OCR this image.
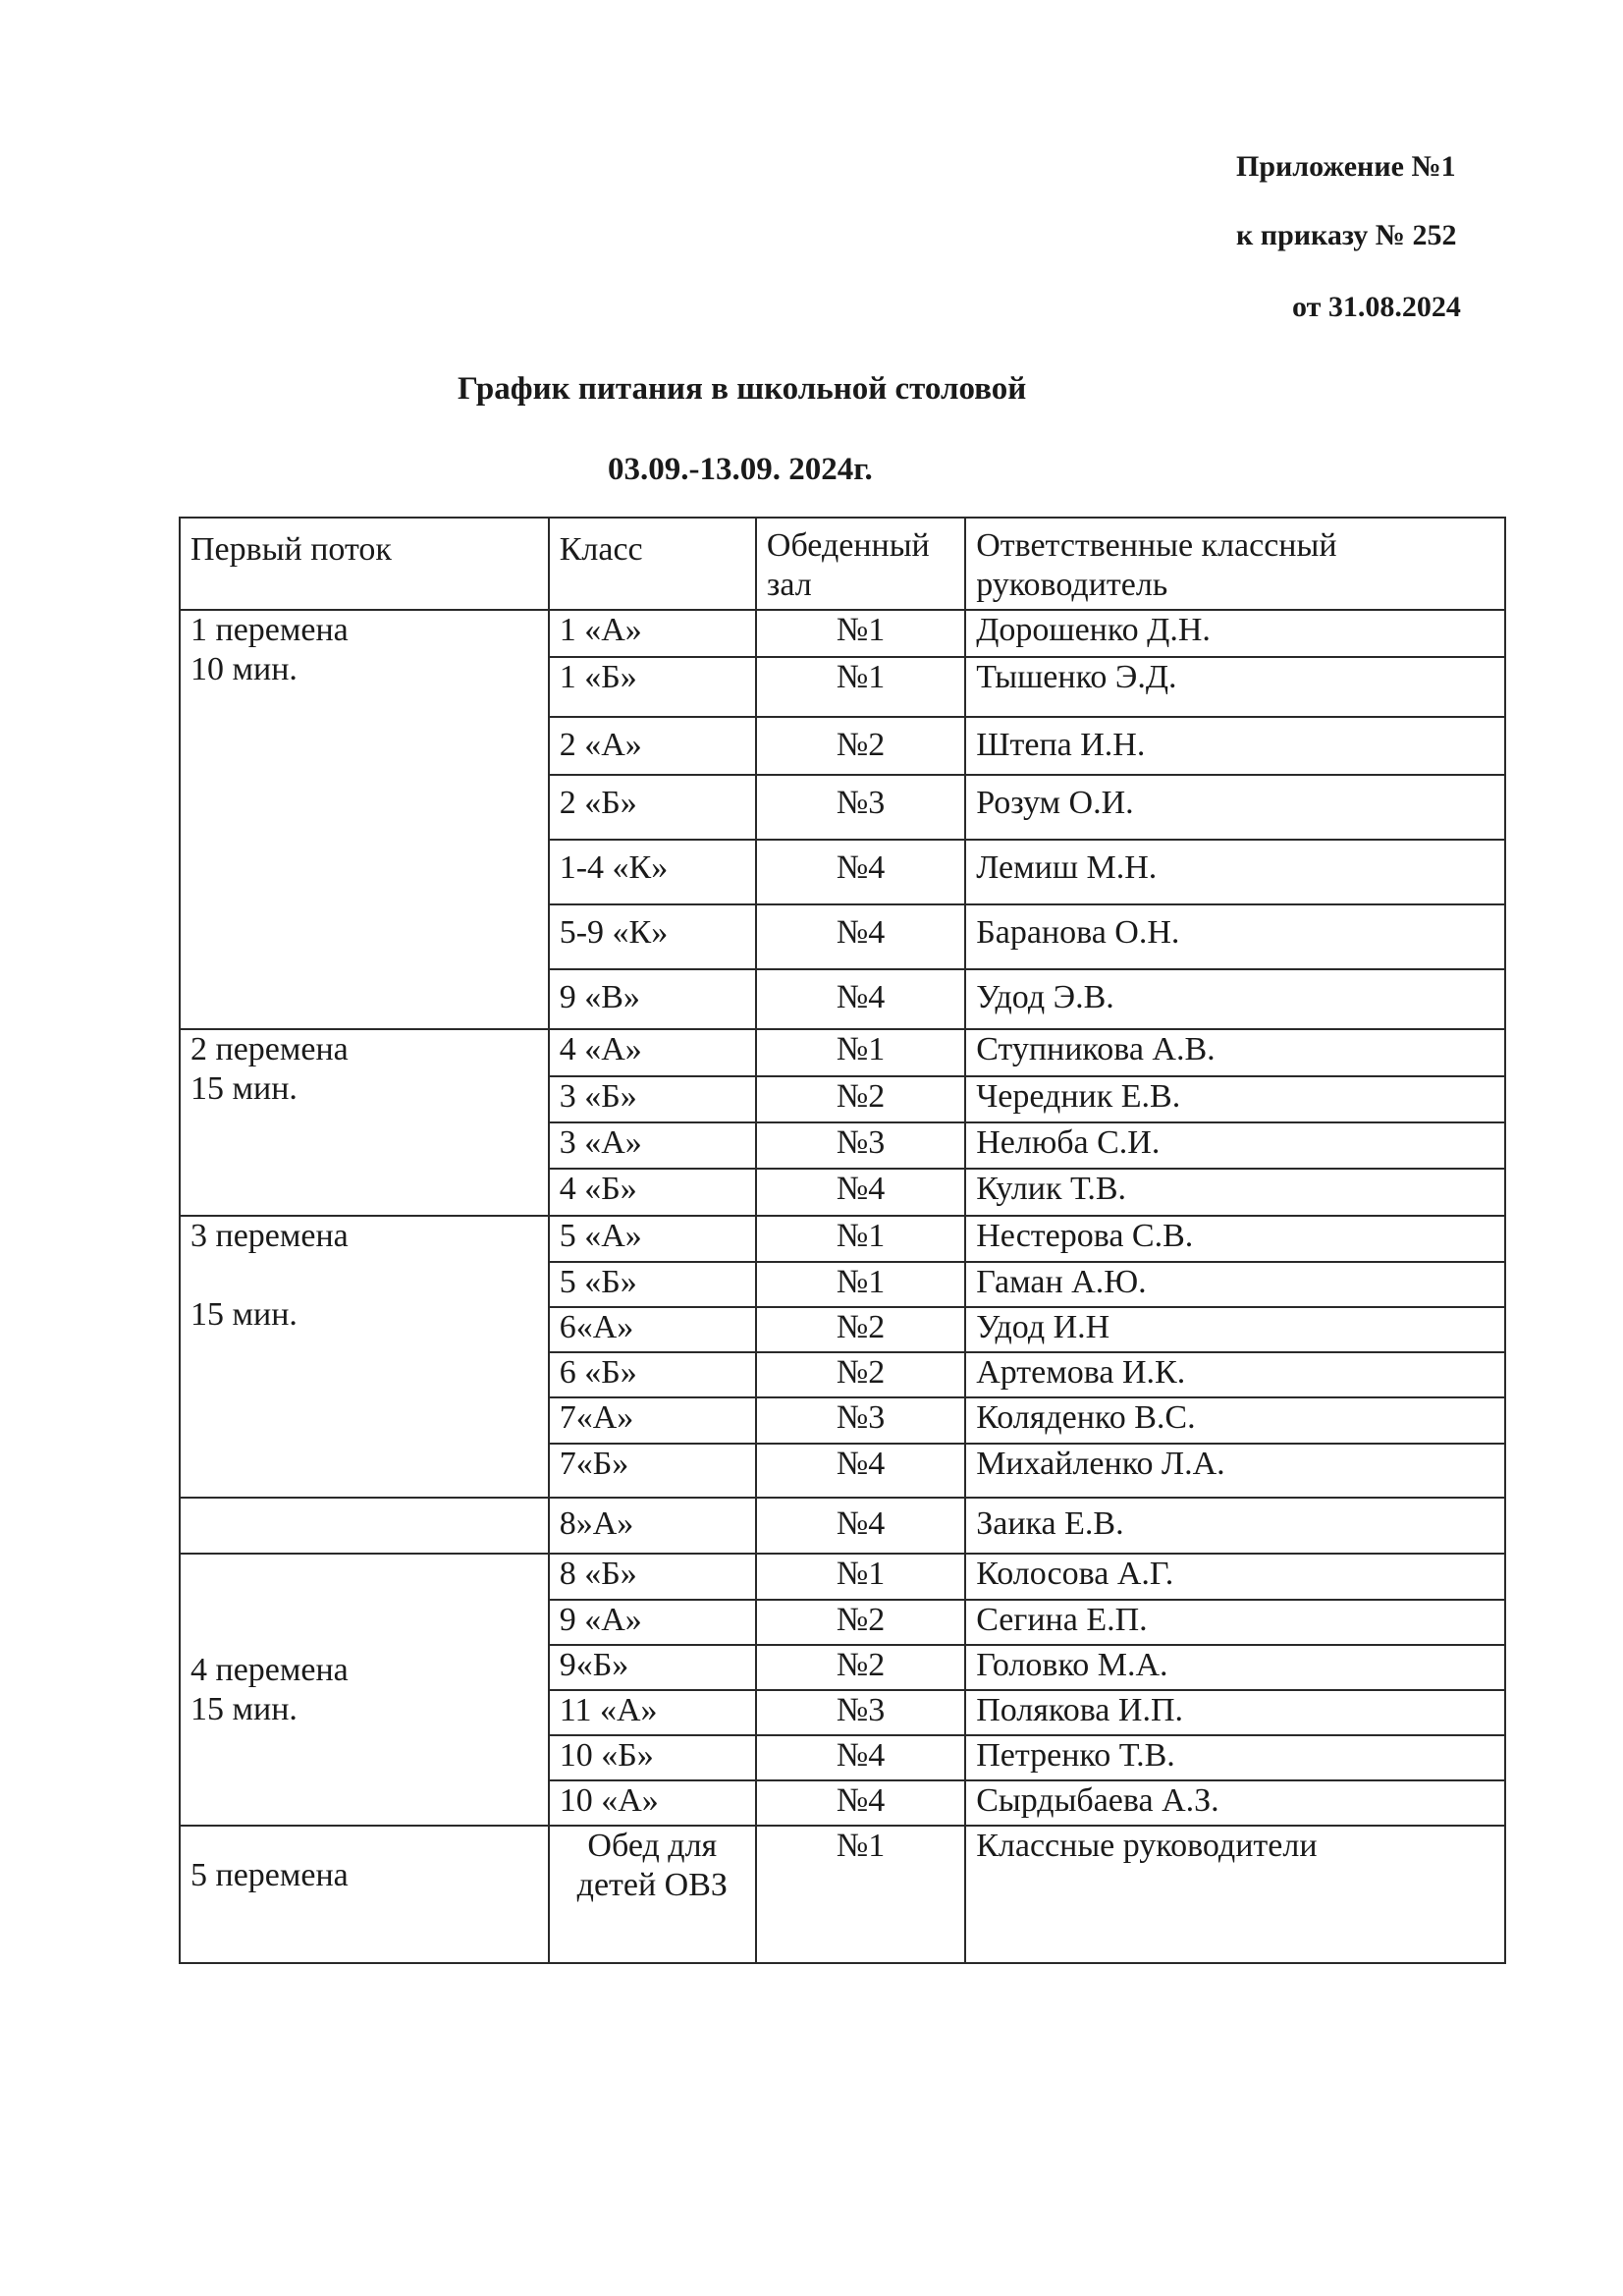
Приложение №1
к приказу № 252
от 31.08.2024
График питания в школьной столовой
03.09.-13.09. 2024г.
Первый поток	Класс	Обеденный зал	Ответственные классный руководитель

1 перемена
10 мин.	1 «А»	№1	Дорошенко Д.Н.
	1 «Б»	№1	Тышенко Э.Д.
	2 «А»	№2	Штепа И.Н.
	2 «Б»	№3	Розум О.И.
	1-4 «К»	№4	Лемиш М.Н.
	5-9 «К»	№4	Баранова О.Н.
	9 «В»	№4	Удод Э.В.

2 перемена
15 мин.	4 «А»	№1	Ступникова А.В.
	3 «Б»	№2	Чередник Е.В.
	3 «А»	№3	Нелюба С.И.
	4 «Б»	№4	Кулик Т.В.

3 перемена
15 мин.	5 «А»	№1	Нестерова С.В.
	5 «Б»	№1	Гаман А.Ю.
	6«А»	№2	Удод И.Н
	6 «Б»	№2	Артемова И.К.
	7«А»	№3	Коляденко В.С.
	7«Б»	№4	Михайленко Л.А.

	8»А»	№4	Заика Е.В.

4 перемена
15 мин.	8 «Б»	№1	Колосова А.Г.
	9 «А»	№2	Сегина Е.П.
	9«Б»	№2	Головко М.А.
	11 «А»	№3	Полякова И.П.
	10 «Б»	№4	Петренко Т.В.
	10 «А»	№4	Сырдыбаева А.З.

5 перемена	Обед для детей ОВЗ	№1	Классные руководители
